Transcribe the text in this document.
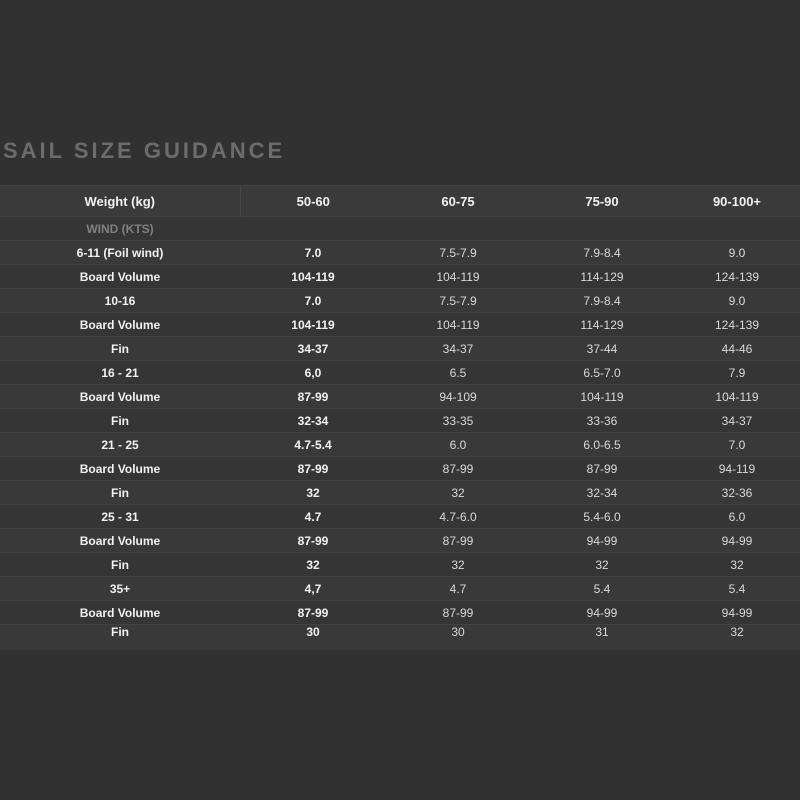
SAIL SIZE GUIDANCE
Weight (kg)	50-60	60-75	75-90	90-100+
WIND (KTS)				
6-11 (Foil wind)	7.0	7.5-7.9	7.9-8.4	9.0
Board Volume	104-119	104-119	114-129	124-139
10-16	7.0	7.5-7.9	7.9-8.4	9.0
Board Volume	104-119	104-119	114-129	124-139
Fin	34-37	34-37	37-44	44-46
16 - 21	6,0	6.5	6.5-7.0	7.9
Board Volume	87-99	94-109	104-119	104-119
Fin	32-34	33-35	33-36	34-37
21 - 25	4.7-5.4	6.0	6.0-6.5	7.0
Board Volume	87-99	87-99	87-99	94-119
Fin	32	32	32-34	32-36
25 - 31	4.7	4.7-6.0	5.4-6.0	6.0
Board Volume	87-99	87-99	94-99	94-99
Fin	32	32	32	32
35+	4,7	4.7	5.4	5.4
Board Volume	87-99	87-99	94-99	94-99
Fin	30	30	31	32
